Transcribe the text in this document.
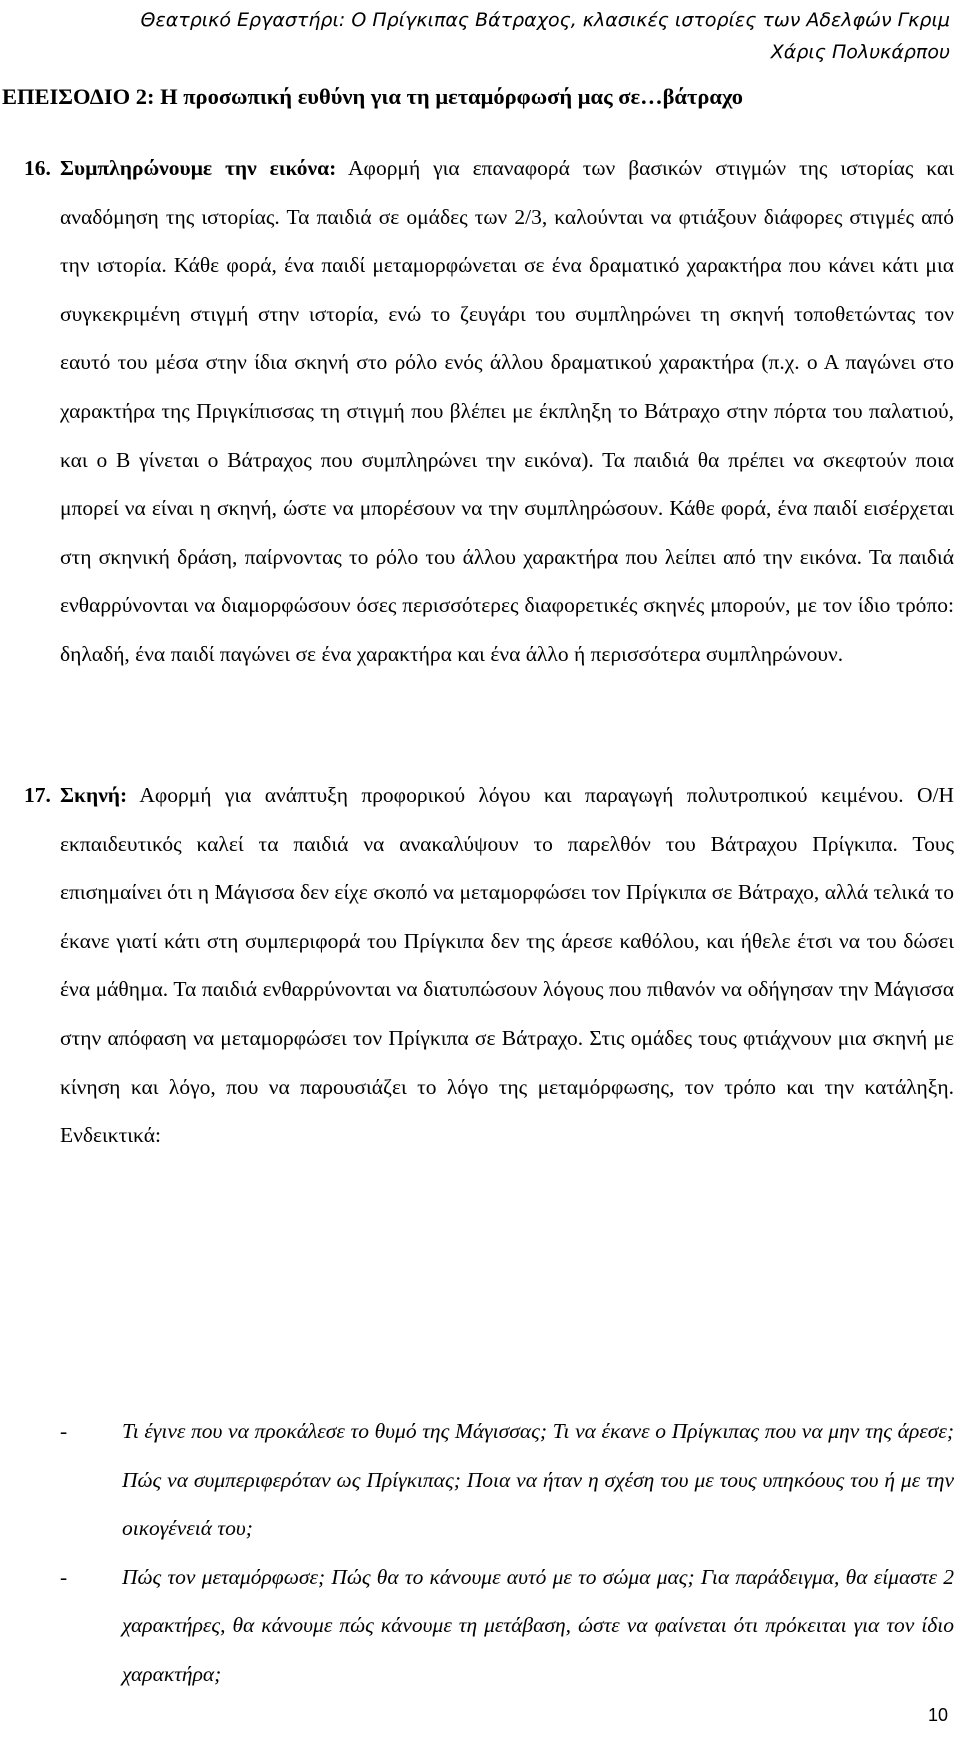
Θεατρικό Εργαστήρι: Ο Πρίγκιπας Βάτραχος, κλασικές ιστορίες των Αδελφών Γκριμ
Χάρις Πολυκάρπου
ΕΠΕΙΣΟΔΙΟ 2: Η προσωπική ευθύνη για τη μεταμόρφωσή μας σε…βάτραχο
16. Συμπληρώνουμε την εικόνα: Αφορμή για επαναφορά των βασικών στιγμών της ιστορίας και αναδόμηση της ιστορίας. Τα παιδιά σε ομάδες των 2/3, καλούνται να φτιάξουν διάφορες στιγμές από την ιστορία. Κάθε φορά, ένα παιδί μεταμορφώνεται σε ένα δραματικό χαρακτήρα που κάνει κάτι μια συγκεκριμένη στιγμή στην ιστορία, ενώ το ζευγάρι του συμπληρώνει τη σκηνή τοποθετώντας τον εαυτό του μέσα στην ίδια σκηνή στο ρόλο ενός άλλου δραματικού χαρακτήρα (π.χ. ο Α παγώνει στο χαρακτήρα της Πριγκίπισσας τη στιγμή που βλέπει με έκπληξη το Βάτραχο στην πόρτα του παλατιού, και ο Β γίνεται ο Βάτραχος που συμπληρώνει την εικόνα). Τα παιδιά θα πρέπει να σκεφτούν ποια μπορεί να είναι η σκηνή, ώστε να μπορέσουν να την συμπληρώσουν. Κάθε φορά, ένα παιδί εισέρχεται στη σκηνική δράση, παίρνοντας το ρόλο του άλλου χαρακτήρα που λείπει από την εικόνα. Τα παιδιά ενθαρρύνονται να διαμορφώσουν όσες περισσότερες διαφορετικές σκηνές μπορούν, με τον ίδιο τρόπο: δηλαδή, ένα παιδί παγώνει σε ένα χαρακτήρα και ένα άλλο ή περισσότερα συμπληρώνουν.
17. Σκηνή: Αφορμή για ανάπτυξη προφορικού λόγου και παραγωγή πολυτροπικού κειμένου. Ο/Η εκπαιδευτικός καλεί τα παιδιά να ανακαλύψουν το παρελθόν του Βάτραχου Πρίγκιπα. Τους επισημαίνει ότι η Μάγισσα δεν είχε σκοπό να μεταμορφώσει τον Πρίγκιπα σε Βάτραχο, αλλά τελικά το έκανε γιατί κάτι στη συμπεριφορά του Πρίγκιπα δεν της άρεσε καθόλου, και ήθελε έτσι να του δώσει ένα μάθημα. Τα παιδιά ενθαρρύνονται να διατυπώσουν λόγους που πιθανόν να οδήγησαν την Μάγισσα στην απόφαση να μεταμορφώσει τον Πρίγκιπα σε Βάτραχο. Στις ομάδες τους φτιάχνουν μια σκηνή με κίνηση και λόγο, που να παρουσιάζει το λόγο της μεταμόρφωσης, τον τρόπο και την κατάληξη. Ενδεικτικά:
-	Τι έγινε που να προκάλεσε το θυμό της Μάγισσας; Τι να έκανε ο Πρίγκιπας που να μην της άρεσε; Πώς να συμπεριφερόταν ως Πρίγκιπας; Ποια να ήταν η σχέση του με τους υπηκόους του ή με την οικογένειά του;
-	Πώς τον μεταμόρφωσε; Πώς θα το κάνουμε αυτό με το σώμα μας; Για παράδειγμα, θα είμαστε 2 χαρακτήρες, θα κάνουμε πώς κάνουμε τη μετάβαση, ώστε να φαίνεται ότι πρόκειται για τον ίδιο χαρακτήρα;
10
